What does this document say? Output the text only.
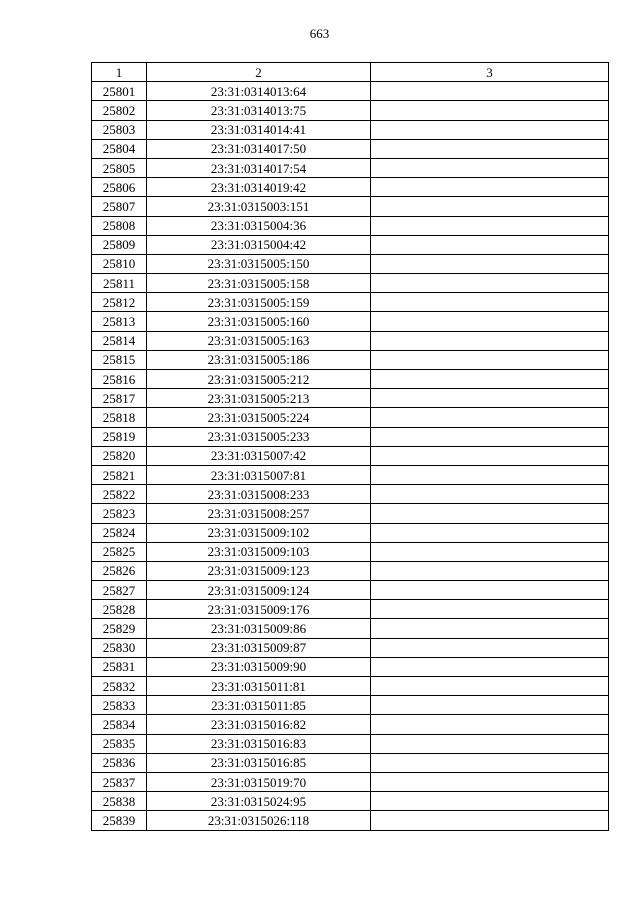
663
1	2	3
25801	23:31:0314013:64	
25802	23:31:0314013:75	
25803	23:31:0314014:41	
25804	23:31:0314017:50	
25805	23:31:0314017:54	
25806	23:31:0314019:42	
25807	23:31:0315003:151	
25808	23:31:0315004:36	
25809	23:31:0315004:42	
25810	23:31:0315005:150	
25811	23:31:0315005:158	
25812	23:31:0315005:159	
25813	23:31:0315005:160	
25814	23:31:0315005:163	
25815	23:31:0315005:186	
25816	23:31:0315005:212	
25817	23:31:0315005:213	
25818	23:31:0315005:224	
25819	23:31:0315005:233	
25820	23:31:0315007:42	
25821	23:31:0315007:81	
25822	23:31:0315008:233	
25823	23:31:0315008:257	
25824	23:31:0315009:102	
25825	23:31:0315009:103	
25826	23:31:0315009:123	
25827	23:31:0315009:124	
25828	23:31:0315009:176	
25829	23:31:0315009:86	
25830	23:31:0315009:87	
25831	23:31:0315009:90	
25832	23:31:0315011:81	
25833	23:31:0315011:85	
25834	23:31:0315016:82	
25835	23:31:0315016:83	
25836	23:31:0315016:85	
25837	23:31:0315019:70	
25838	23:31:0315024:95	
25839	23:31:0315026:118	
